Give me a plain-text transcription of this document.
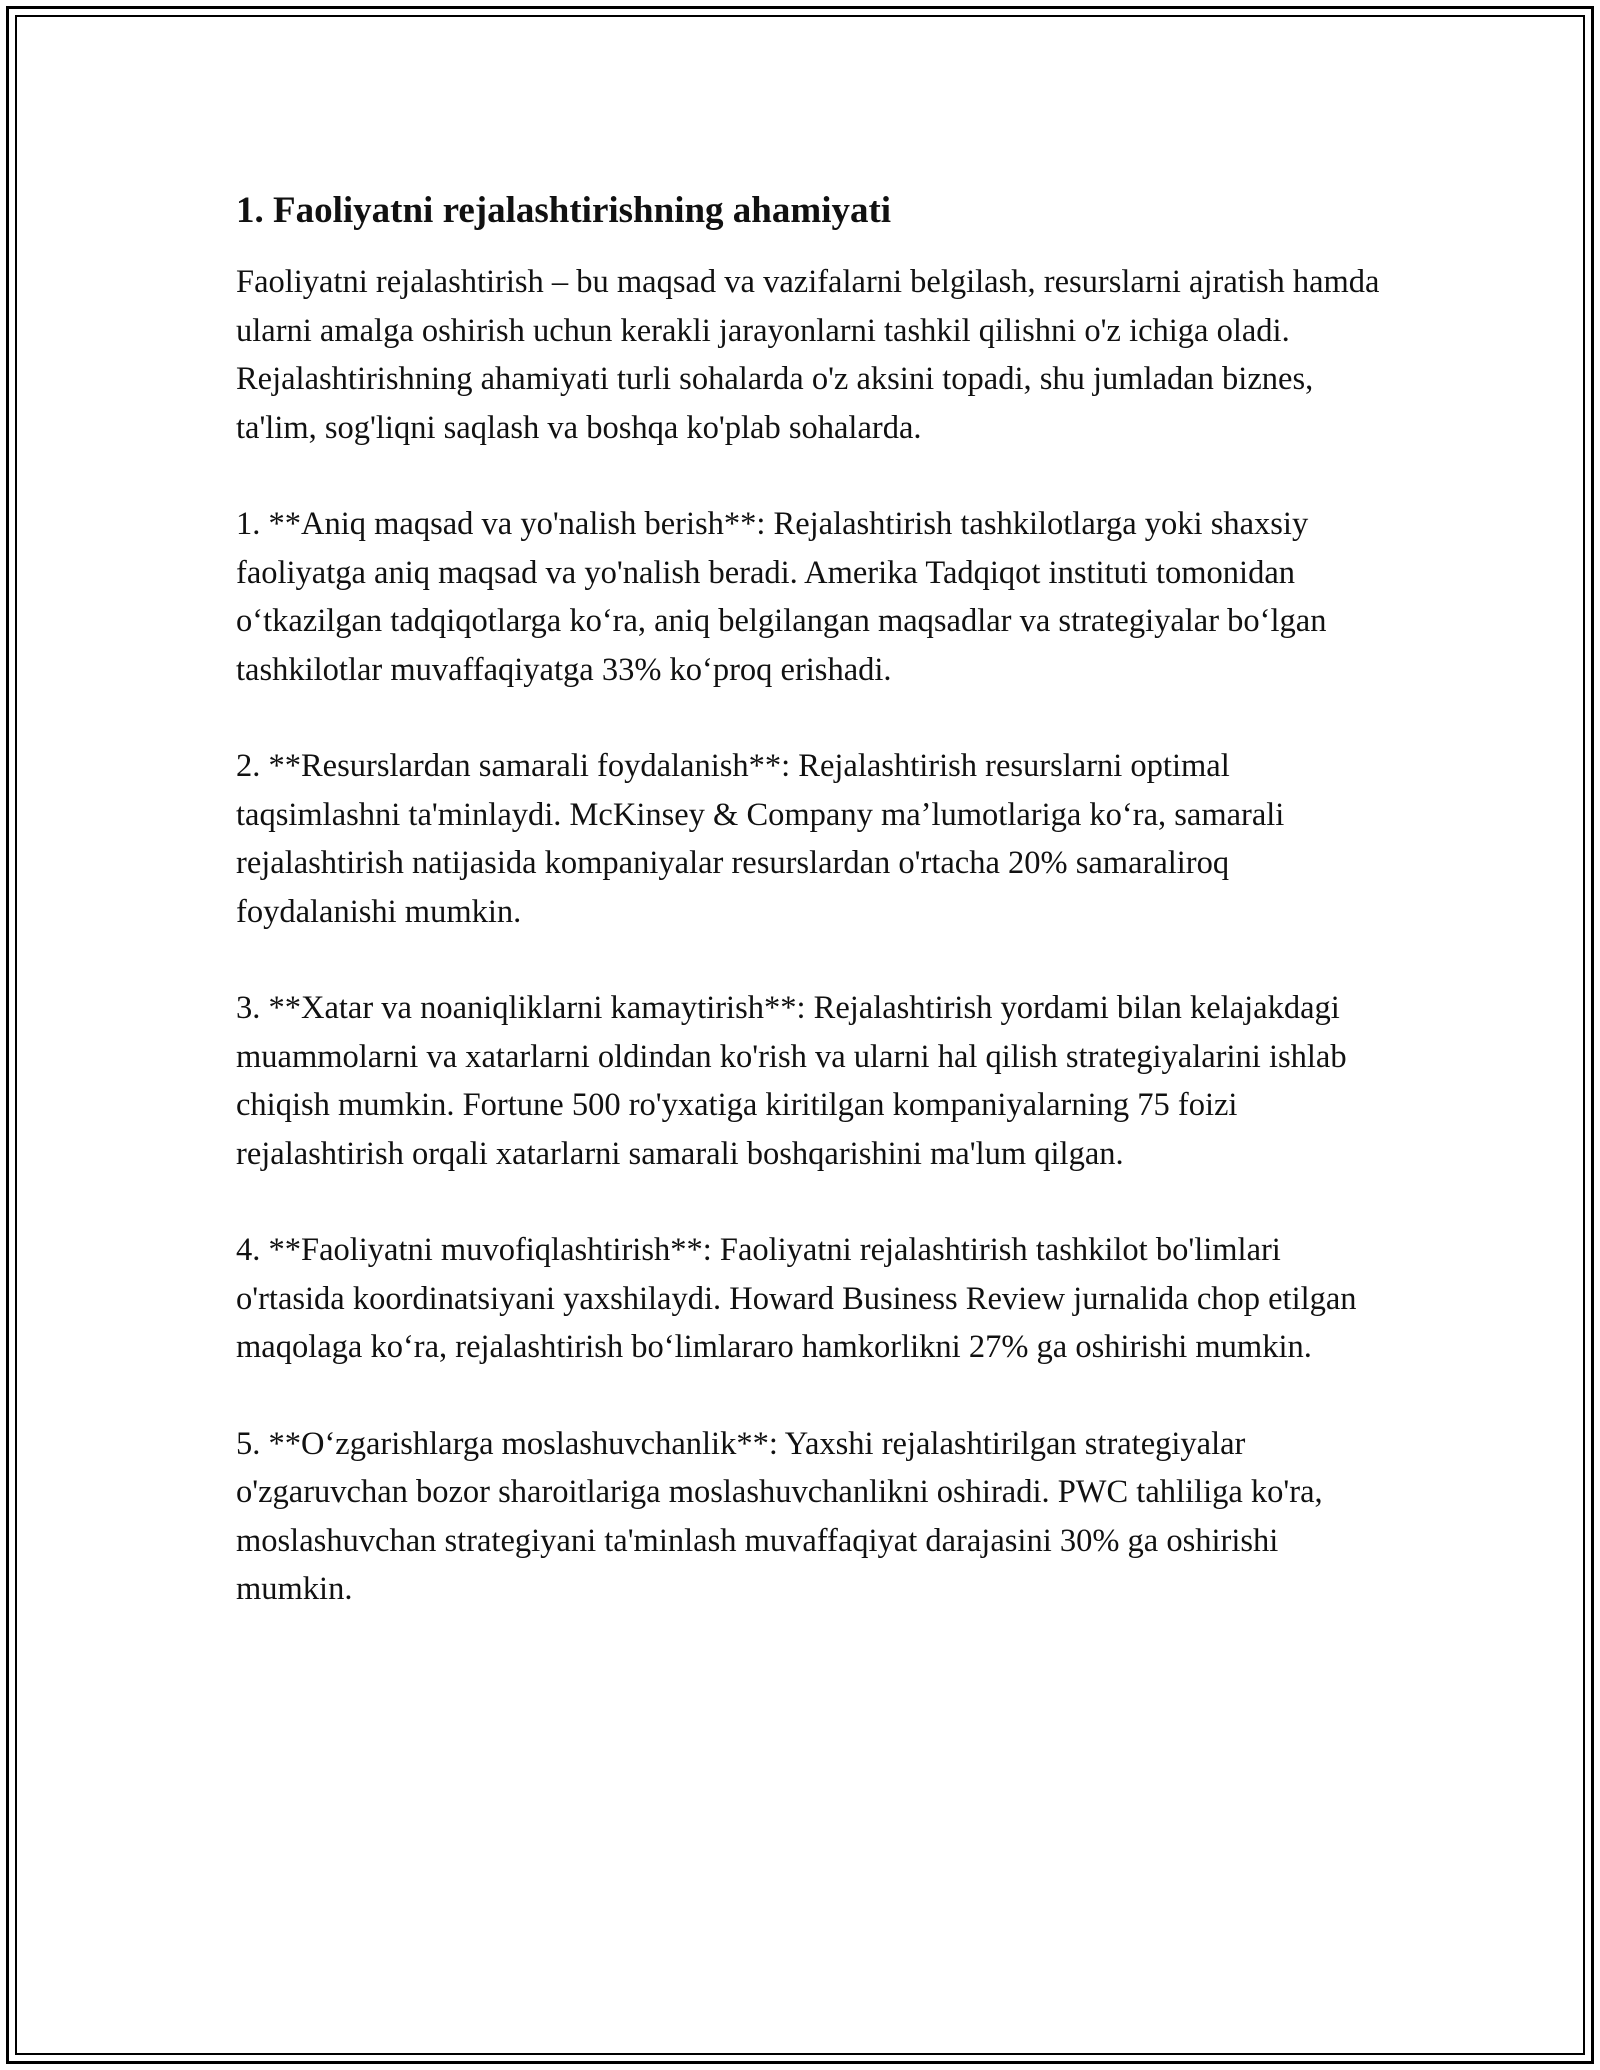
1. Faoliyatni rejalashtirishning ahamiyati

Faoliyatni rejalashtirish – bu maqsad va vazifalarni belgilash, resurslarni ajratish hamda ularni amalga oshirish uchun kerakli jarayonlarni tashkil qilishni o'z ichiga oladi. Rejalashtirishning ahamiyati turli sohalarda o'z aksini topadi, shu jumladan biznes, ta'lim, sog'liqni saqlash va boshqa ko'plab sohalarda.

1. **Aniq maqsad va yo'nalish berish**: Rejalashtirish tashkilotlarga yoki shaxsiy faoliyatga aniq maqsad va yo'nalish beradi. Amerika Tadqiqot instituti tomonidan oʻtkazilgan tadqiqotlarga koʻra, aniq belgilangan maqsadlar va strategiyalar boʻlgan tashkilotlar muvaffaqiyatga 33% koʻproq erishadi.

2. **Resurslardan samarali foydalanish**: Rejalashtirish resurslarni optimal taqsimlashni ta'minlaydi. McKinsey & Company maʼlumotlariga koʻra, samarali rejalashtirish natijasida kompaniyalar resurslardan o'rtacha 20% samaraliroq foydalanishi mumkin.

3. **Xatar va noaniqliklarni kamaytirish**: Rejalashtirish yordami bilan kelajakdagi muammolarni va xatarlarni oldindan ko'rish va ularni hal qilish strategiyalarini ishlab chiqish mumkin. Fortune 500 ro'yxatiga kiritilgan kompaniyalarning 75 foizi rejalashtirish orqali xatarlarni samarali boshqarishini ma'lum qilgan.

4. **Faoliyatni muvofiqlashtirish**: Faoliyatni rejalashtirish tashkilot bo'limlari o'rtasida koordinatsiyani yaxshilaydi. Howard Business Review jurnalida chop etilgan maqolaga koʻra, rejalashtirish boʻlimlararo hamkorlikni 27% ga oshirishi mumkin.

5. **Oʻzgarishlarga moslashuvchanlik**: Yaxshi rejalashtirilgan strategiyalar o'zgaruvchan bozor sharoitlariga moslashuvchanlikni oshiradi. PWC tahliliga ko'ra, moslashuvchan strategiyani ta'minlash muvaffaqiyat darajasini 30% ga oshirishi mumkin.
